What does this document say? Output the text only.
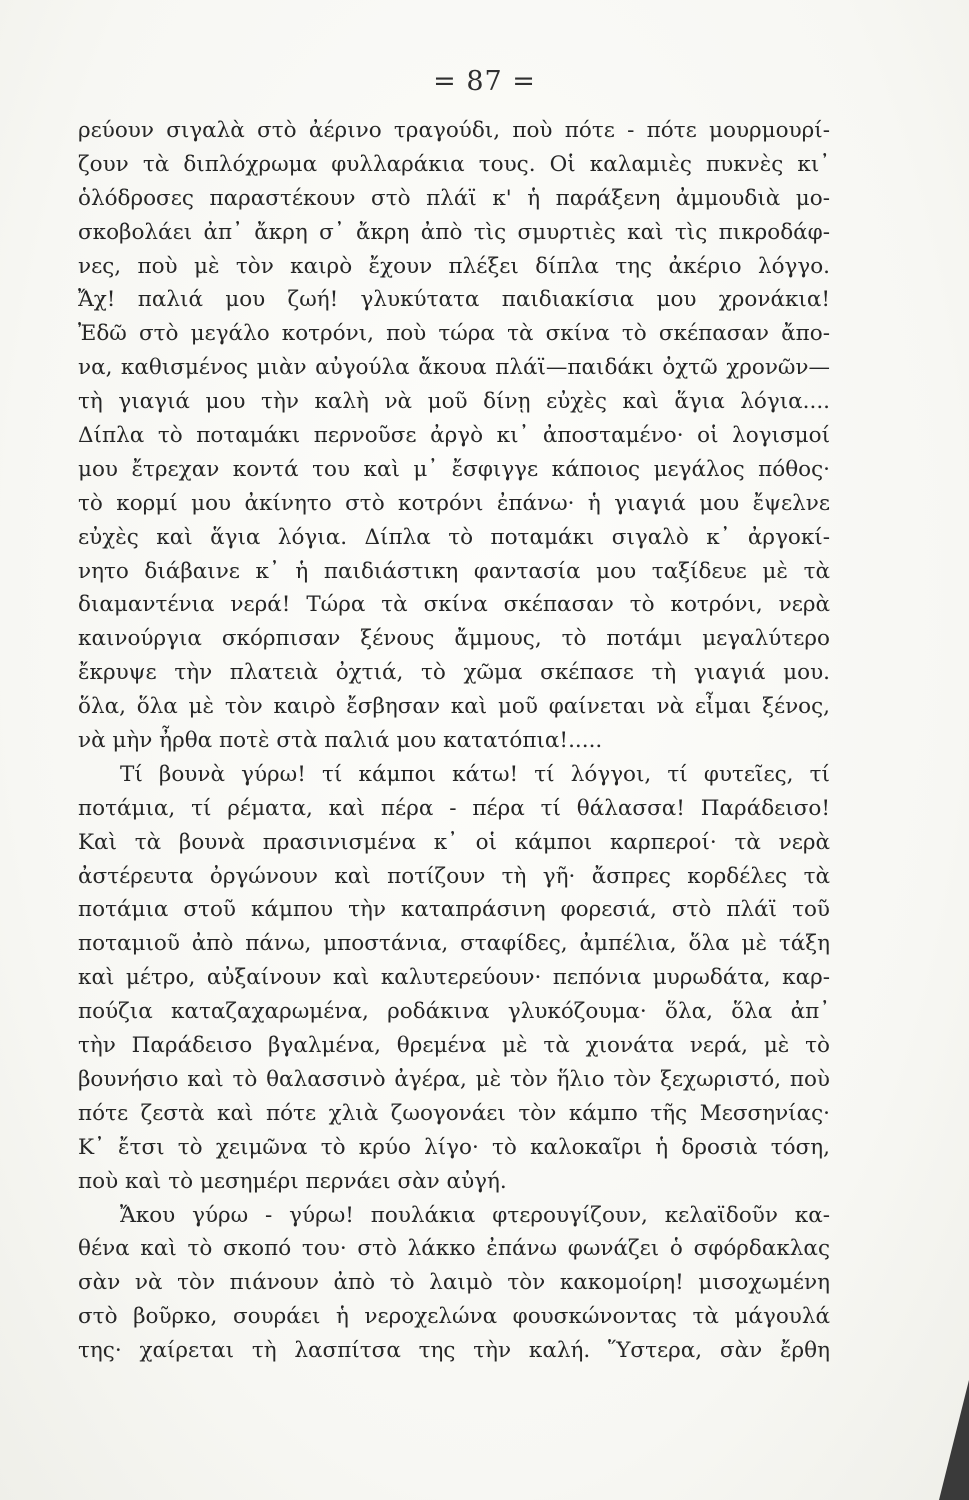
= 87 =
ρεύουν σιγαλὰ στὸ ἀέρινο τραγούδι, ποὺ πότε - πότε μουρμουρί-
ζουν τὰ διπλόχρωμα φυλλαράκια τους. Οἱ καλαμιὲς πυκνὲς κι᾿
ὁλόδροσες παραστέκουν στὸ πλάϊ κ' ἡ παράξενη ἀμμουδιὰ μο-
σκοβολάει ἀπ᾿ ἄκρη σ᾿ ἄκρη ἀπὸ τὶς σμυρτιὲς καὶ τὶς πικροδάφ-
νες, ποὺ μὲ τὸν καιρὸ ἔχουν πλέξει δίπλα της ἀκέριο λόγγο.
Ἄχ! παλιά μου ζωή! γλυκύτατα παιδιακίσια μου χρονάκια!
Ἐδῶ στὸ μεγάλο κοτρόνι, ποὺ τώρα τὰ σκίνα τὸ σκέπασαν ἄπο-
να, καθισμένος μιὰν αὐγούλα ἄκουα πλάϊ—παιδάκι ὀχτῶ χρονῶν—
τὴ γιαγιά μου τὴν καλὴ νὰ μοῦ δίνῃ εὐχὲς καὶ ἅγια λόγια....
Δίπλα τὸ ποταμάκι περνοῦσε ἀργὸ κι᾿ ἀποσταμένο· οἱ λογισμοί
μου ἔτρεχαν κοντά του καὶ μ᾿ ἔσφιγγε κάποιος μεγάλος πόθος·
τὸ κορμί μου ἀκίνητο στὸ κοτρόνι ἐπάνω· ἡ γιαγιά μου ἔψελνε
εὐχὲς καὶ ἅγια λόγια. Δίπλα τὸ ποταμάκι σιγαλὸ κ᾿ ἀργοκί-
νητο διάβαινε κ᾿ ἡ παιδιάστικη φαντασία μου ταξίδευε μὲ τὰ
διαμαντένια νερά! Τώρα τὰ σκίνα σκέπασαν τὸ κοτρόνι, νερὰ
καινούργια σκόρπισαν ξένους ἄμμους, τὸ ποτάμι μεγαλύτερο
ἔκρυψε τὴν πλατειὰ ὀχτιά, τὸ χῶμα σκέπασε τὴ γιαγιά μου.
ὅλα, ὅλα μὲ τὸν καιρὸ ἔσβησαν καὶ μοῦ φαίνεται νὰ εἶμαι ξένος,
νὰ μὴν ἦρθα ποτὲ στὰ παλιά μου κατατόπια!.....
Τί βουνὰ γύρω! τί κάμποι κάτω! τί λόγγοι, τί φυτεῖες, τί
ποτάμια, τί ρέματα, καὶ πέρα - πέρα τί θάλασσα! Παράδεισο!
Καὶ τὰ βουνὰ πρασινισμένα κ᾿ οἱ κάμποι καρπεροί· τὰ νερὰ
ἀστέρευτα ὀργώνουν καὶ ποτίζουν τὴ γῆ· ἄσπρες κορδέλες τὰ
ποτάμια στοῦ κάμπου τὴν καταπράσινη φορεσιά, στὸ πλάϊ τοῦ
ποταμιοῦ ἀπὸ πάνω, μποστάνια, σταφίδες, ἀμπέλια, ὅλα μὲ τάξη
καὶ μέτρο, αὐξαίνουν καὶ καλυτερεύουν· πεπόνια μυρωδάτα, καρ-
πούζια καταζαχαρωμένα, ροδάκινα γλυκόζουμα· ὅλα, ὅλα ἀπ᾿
τὴν Παράδεισο βγαλμένα, θρεμένα μὲ τὰ χιονάτα νερά, μὲ τὸ
βουνήσιο καὶ τὸ θαλασσινὸ ἀγέρα, μὲ τὸν ἥλιο τὸν ξεχωριστό, ποὺ
πότε ζεστὰ καὶ πότε χλιὰ ζωογονάει τὸν κάμπο τῆς Μεσσηνίας·
Κ᾿ ἔτσι τὸ χειμῶνα τὸ κρύο λίγο· τὸ καλοκαῖρι ἡ δροσιὰ τόση,
ποὺ καὶ τὸ μεσημέρι περνάει σὰν αὐγή.
Ἄκου γύρω - γύρω! πουλάκια φτερουγίζουν, κελαϊδοῦν κα-
θένα καὶ τὸ σκοπό του· στὸ λάκκο ἐπάνω φωνάζει ὁ σφόρδακλας
σὰν νὰ τὸν πιάνουν ἀπὸ τὸ λαιμὸ τὸν κακομοίρη! μισοχωμένη
στὸ βοῦρκο, σουράει ἡ νεροχελώνα φουσκώνοντας τὰ μάγουλά
της· χαίρεται τὴ λασπίτσα της τὴν καλή. Ὕστερα, σὰν ἔρθη
